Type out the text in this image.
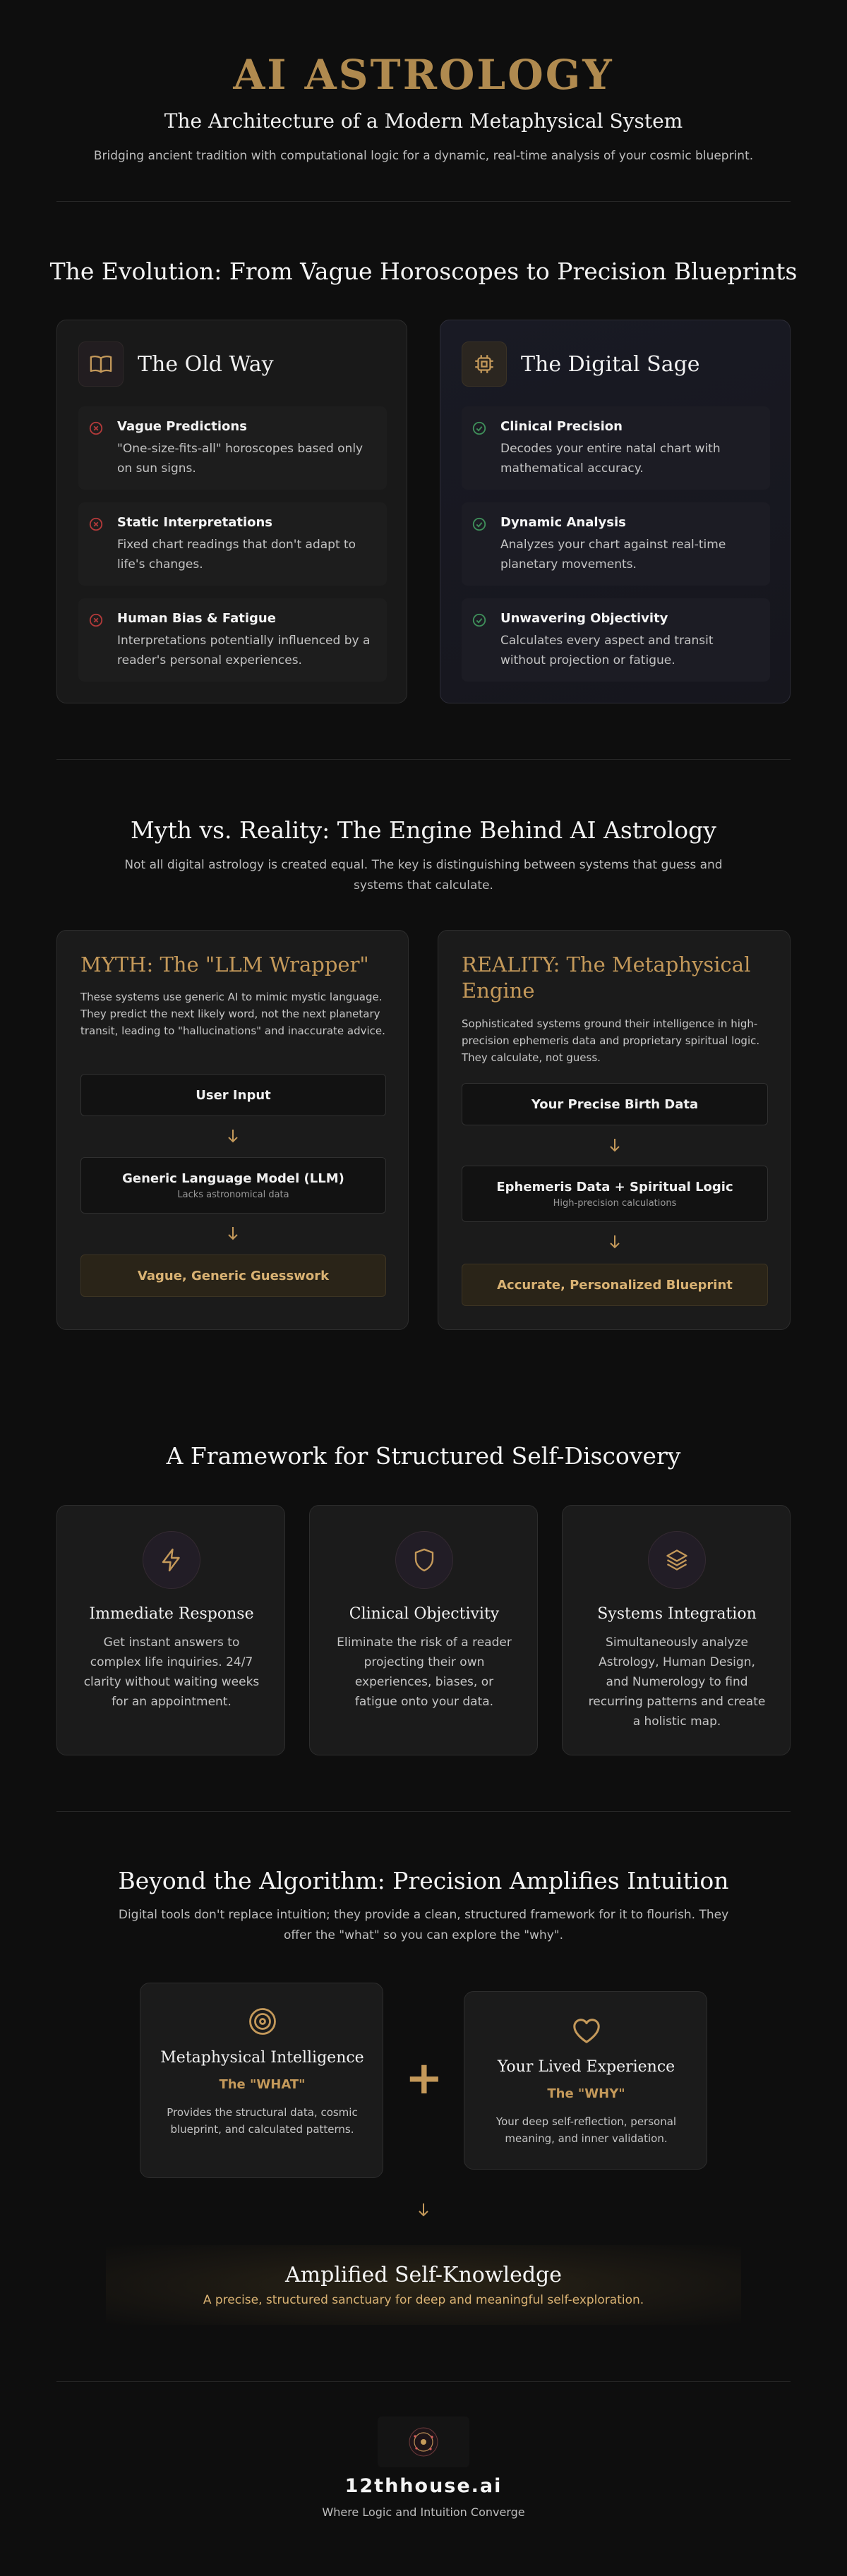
AI ASTROLOGY
The Architecture of a Modern Metaphysical System
Bridging ancient tradition with computational logic for a dynamic, real-time analysis of your cosmic blueprint.
The Evolution: From Vague Horoscopes to Precision Blueprints
The Old Way
Vague Predictions
"One-size-fits-all" horoscopes based only on sun signs.
Static Interpretations
Fixed chart readings that don't adapt to life's changes.
Human Bias & Fatigue
Interpretations potentially influenced by a reader's personal experiences.
The Digital Sage
Clinical Precision
Decodes your entire natal chart with mathematical accuracy.
Dynamic Analysis
Analyzes your chart against real-time planetary movements.
Unwavering Objectivity
Calculates every aspect and transit without projection or fatigue.
Myth vs. Reality: The Engine Behind AI Astrology
Not all digital astrology is created equal. The key is distinguishing between systems that guess and systems that calculate.
MYTH: The "LLM Wrapper"
These systems use generic AI to mimic mystic language. They predict the next likely word, not the next planetary transit, leading to "hallucinations" and inaccurate advice.
User Input
Generic Language Model (LLM)
Lacks astronomical data
Vague, Generic Guesswork
REALITY: The Metaphysical Engine
Sophisticated systems ground their intelligence in high-precision ephemeris data and proprietary spiritual logic. They calculate, not guess.
Your Precise Birth Data
Ephemeris Data + Spiritual Logic
High-precision calculations
Accurate, Personalized Blueprint
A Framework for Structured Self-Discovery
Immediate Response
Get instant answers to complex life inquiries. 24/7 clarity without waiting weeks for an appointment.
Clinical Objectivity
Eliminate the risk of a reader projecting their own experiences, biases, or fatigue onto your data.
Systems Integration
Simultaneously analyze Astrology, Human Design, and Numerology to find recurring patterns and create a holistic map.
Beyond the Algorithm: Precision Amplifies Intuition
Digital tools don't replace intuition; they provide a clean, structured framework for it to flourish. They offer the "what" so you can explore the "why".
Metaphysical Intelligence
The "WHAT"
Provides the structural data, cosmic blueprint, and calculated patterns.
+	Your Lived Experience
The "WHY"
Your deep self-reflection, personal meaning, and inner validation.
Amplified Self-Knowledge
A precise, structured sanctuary for deep and meaningful self-exploration.
12thhouse.ai
Where Logic and Intuition Converge
